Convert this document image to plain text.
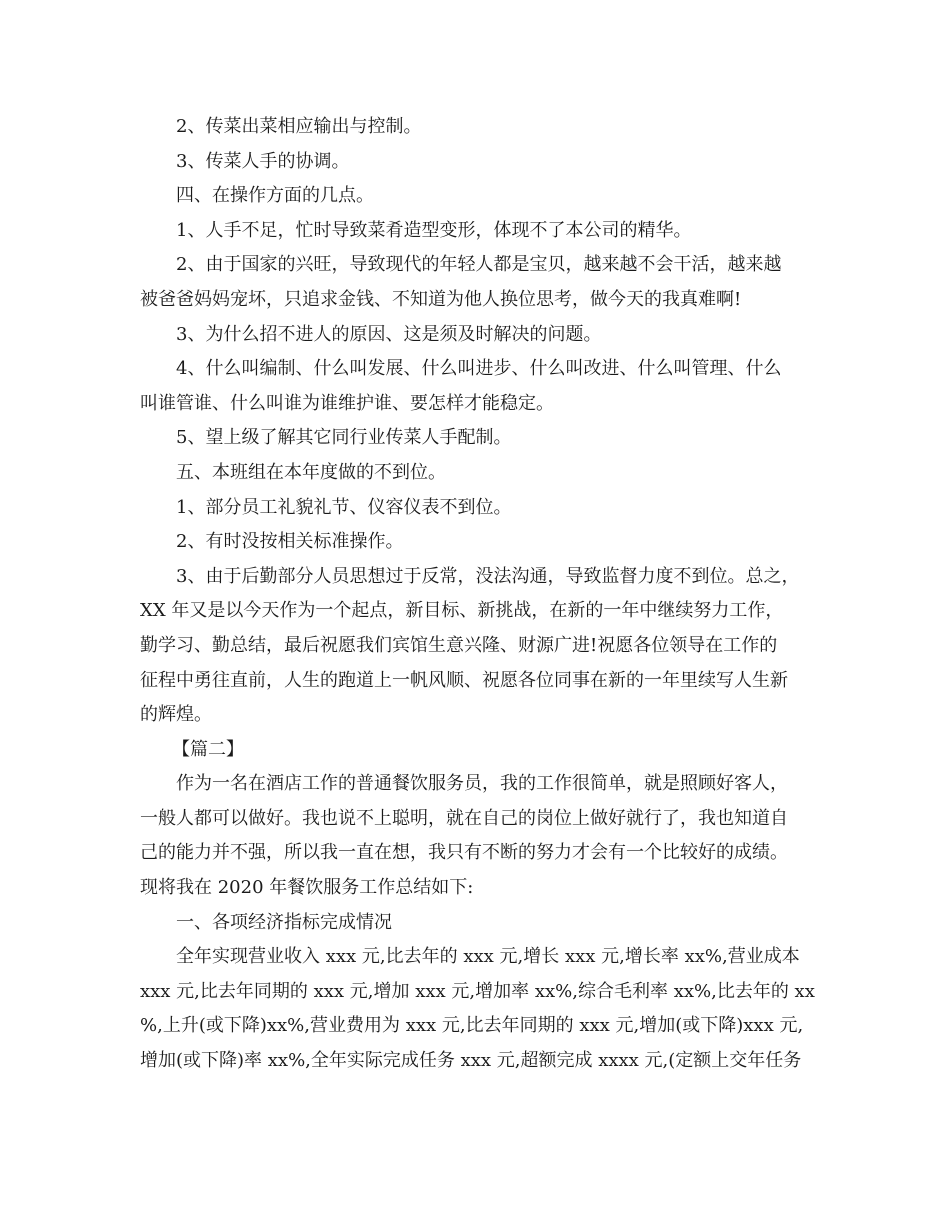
2、传菜出菜相应输出与控制。

3、传菜人手的协调。

四、在操作方面的几点。

1、人手不足，忙时导致菜肴造型变形，体现不了本公司的精华。

2、由于国家的兴旺，导致现代的年轻人都是宝贝，越来越不会干活，越来越

被爸爸妈妈宠坏，只追求金钱、不知道为他人换位思考，做今天的我真难啊!

3、为什么招不进人的原因、这是须及时解决的问题。

4、什么叫编制、什么叫发展、什么叫进步、什么叫改进、什么叫管理、什么

叫谁管谁、什么叫谁为谁维护谁、要怎样才能稳定。

5、望上级了解其它同行业传菜人手配制。

五、本班组在本年度做的不到位。

1、部分员工礼貌礼节、仪容仪表不到位。

2、有时没按相关标准操作。

3、由于后勤部分人员思想过于反常，没法沟通，导致监督力度不到位。总之，

XX 年又是以今天作为一个起点，新目标、新挑战，在新的一年中继续努力工作，

勤学习、勤总结，最后祝愿我们宾馆生意兴隆、财源广进!祝愿各位领导在工作的

征程中勇往直前，人生的跑道上一帆风顺、祝愿各位同事在新的一年里续写人生新

的辉煌。

【篇二】

作为一名在酒店工作的普通餐饮服务员，我的工作很简单，就是照顾好客人，

一般人都可以做好。我也说不上聪明，就在自己的岗位上做好就行了，我也知道自

己的能力并不强，所以我一直在想，我只有不断的努力才会有一个比较好的成绩。

现将我在 2020 年餐饮服务工作总结如下:

一、各项经济指标完成情况

全年实现营业收入 xxx 元,比去年的 xxx 元,增长 xxx 元,增长率 xx%,营业成本

xxx 元,比去年同期的 xxx 元,增加 xxx 元,增加率 xx%,综合毛利率 xx%,比去年的 xx

%,上升(或下降)xx%,营业费用为 xxx 元,比去年同期的 xxx 元,增加(或下降)xxx 元,

增加(或下降)率 xx%,全年实际完成任务 xxx 元,超额完成 xxxx 元,(定额上交年任务
